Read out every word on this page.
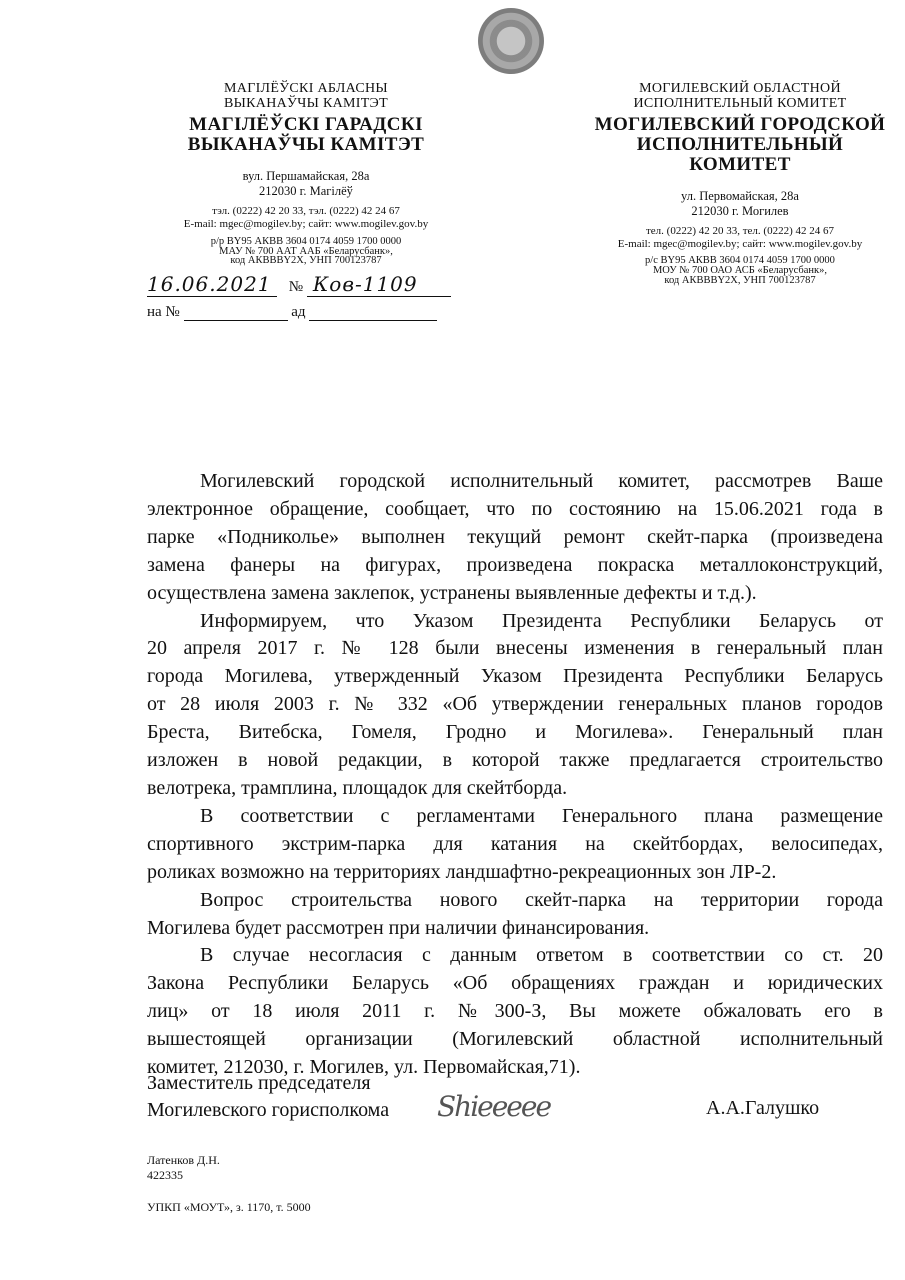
МАГІЛЁЎСКІ АБЛАСНЫ
ВЫКАНАЎЧЫ КАМІТЭТ
МАГІЛЁЎСКІ ГАРАДСКІ
ВЫКАНАЎЧЫ КАМІТЭТ
вул. Першамайская, 28а
212030 г. Магілёў
тэл. (0222) 42 20 33, тэл. (0222) 42 24 67
E-mail: mgec@mogilev.by; сайт: www.mogilev.gov.by
р/р BY95 АКВВ 3604 0174 4059 1700 0000
МАУ № 700 ААТ ААБ «Беларусбанк»,
код АКВВВY2Х, УНП 700123787
МОГИЛЕВСКИЙ ОБЛАСТНОЙ
ИСПОЛНИТЕЛЬНЫЙ КОМИТЕТ
МОГИЛЕВСКИЙ ГОРОДСКОЙ
ИСПОЛНИТЕЛЬНЫЙ КОМИТЕТ
ул. Первомайская, 28а
212030 г. Могилев
тел. (0222) 42 20 33, тел. (0222) 42 24 67
E-mail: mgec@mogilev.by; сайт: www.mogilev.gov.by
р/с BY95 АКВВ 3604 0174 4059 1700 0000
МОУ № 700 ОАО АСБ «Беларусбанк»,
код АКВВВY2Х, УНП 700123787
16.06.2021 № Ков-1109
на №	ад
Могилевский городской исполнительный комитет, рассмотрев Ваше
электронное обращение, сообщает, что по состоянию на 15.06.2021 года в
парке «Подникольe» выполнен текущий ремонт скейт-парка (произведена
замена фанеры на фигурах, произведена покраска металлоконструкций,
осуществлена замена заклепок, устранены выявленные дефекты и т.д.).
Информируем, что Указом Президента Республики Беларусь от
20 апреля 2017 г. № 128 были внесены изменения в генеральный план
города Могилева, утвержденный Указом Президента Республики Беларусь
от 28 июля 2003 г. № 332 «Об утверждении генеральных планов городов
Бреста, Витебска, Гомеля, Гродно и Могилева». Генеральный план
изложен в новой редакции, в которой также предлагается строительство
велотрека, трамплина, площадок для скейтборда.
В соответствии с регламентами Генерального плана размещение
спортивного экстрим-парка для катания на скейтбордах, велосипедах,
роликах возможно на территориях ландшафтно-рекреационных зон ЛР-2.
Вопрос строительства нового скейт-парка на территории города
Могилева будет рассмотрен при наличии финансирования.
В случае несогласия с данным ответом в соответствии со ст. 20
Закона Республики Беларусь «Об обращениях граждан и юридических
лиц» от 18 июля 2011 г. №300-З, Вы можете обжаловать его в
вышестоящей организации (Могилевский областной исполнительный
комитет, 212030, г. Могилев, ул. Первомайская,71).
Заместитель председателя
Могилевского горисполкома Shieeeee	А.А.Галушко
Латенков Д.Н.
422335
УПКП «МОУТ», з. 1170, т. 5000
